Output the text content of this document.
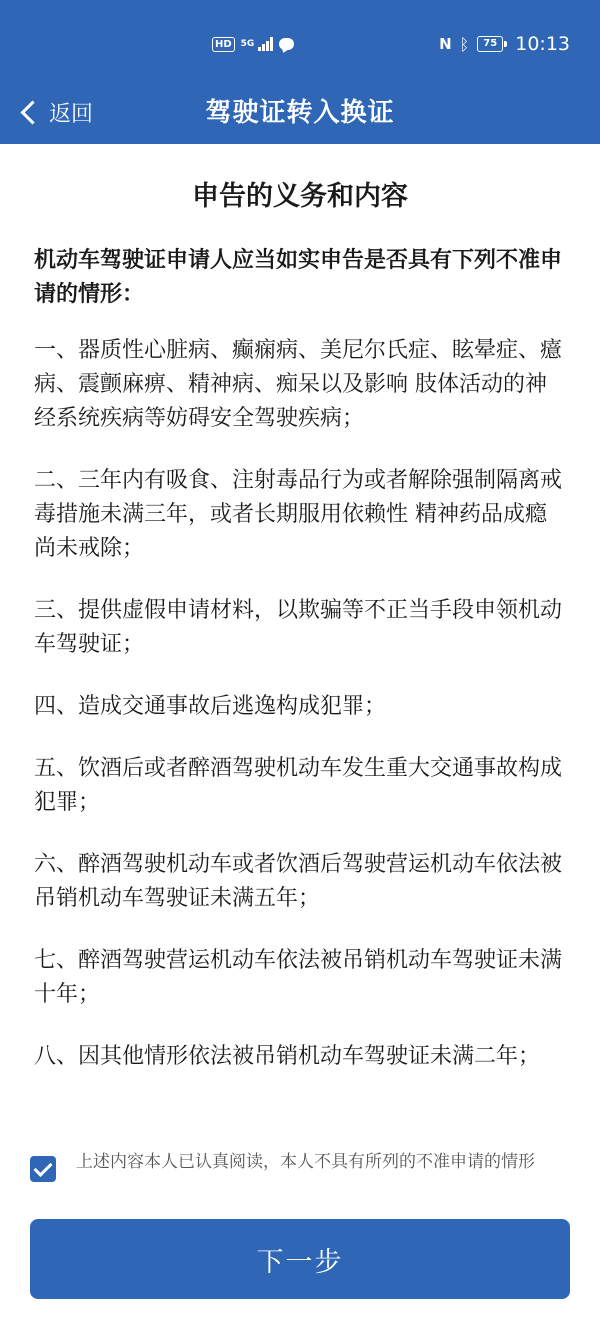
HD	5G	N ᛒ	75 10:13
返回	驾驶证转入换证
申告的义务和内容
机动车驾驶证申请人应当如实申告是否具有下列不准申请的情形：
一、器质性心脏病、癫痫病、美尼尔氏症、眩晕症、癔病、震颤麻痹、精神病、痴呆以及影响 肢体活动的神经系统疾病等妨碍安全驾驶疾病；
二、三年内有吸食、注射毒品行为或者解除强制隔离戒毒措施未满三年，或者长期服用依赖性 精神药品成瘾尚未戒除；
三、提供虚假申请材料，以欺骗等不正当手段申领机动车驾驶证；
四、造成交通事故后逃逸构成犯罪；
五、饮酒后或者醉酒驾驶机动车发生重大交通事故构成犯罪；
六、醉酒驾驶机动车或者饮酒后驾驶营运机动车依法被吊销机动车驾驶证未满五年；
七、醉酒驾驶营运机动车依法被吊销机动车驾驶证未满十年；
八、因其他情形依法被吊销机动车驾驶证未满二年；
上述内容本人已认真阅读，本人不具有所列的不准申请的情形
下一步
